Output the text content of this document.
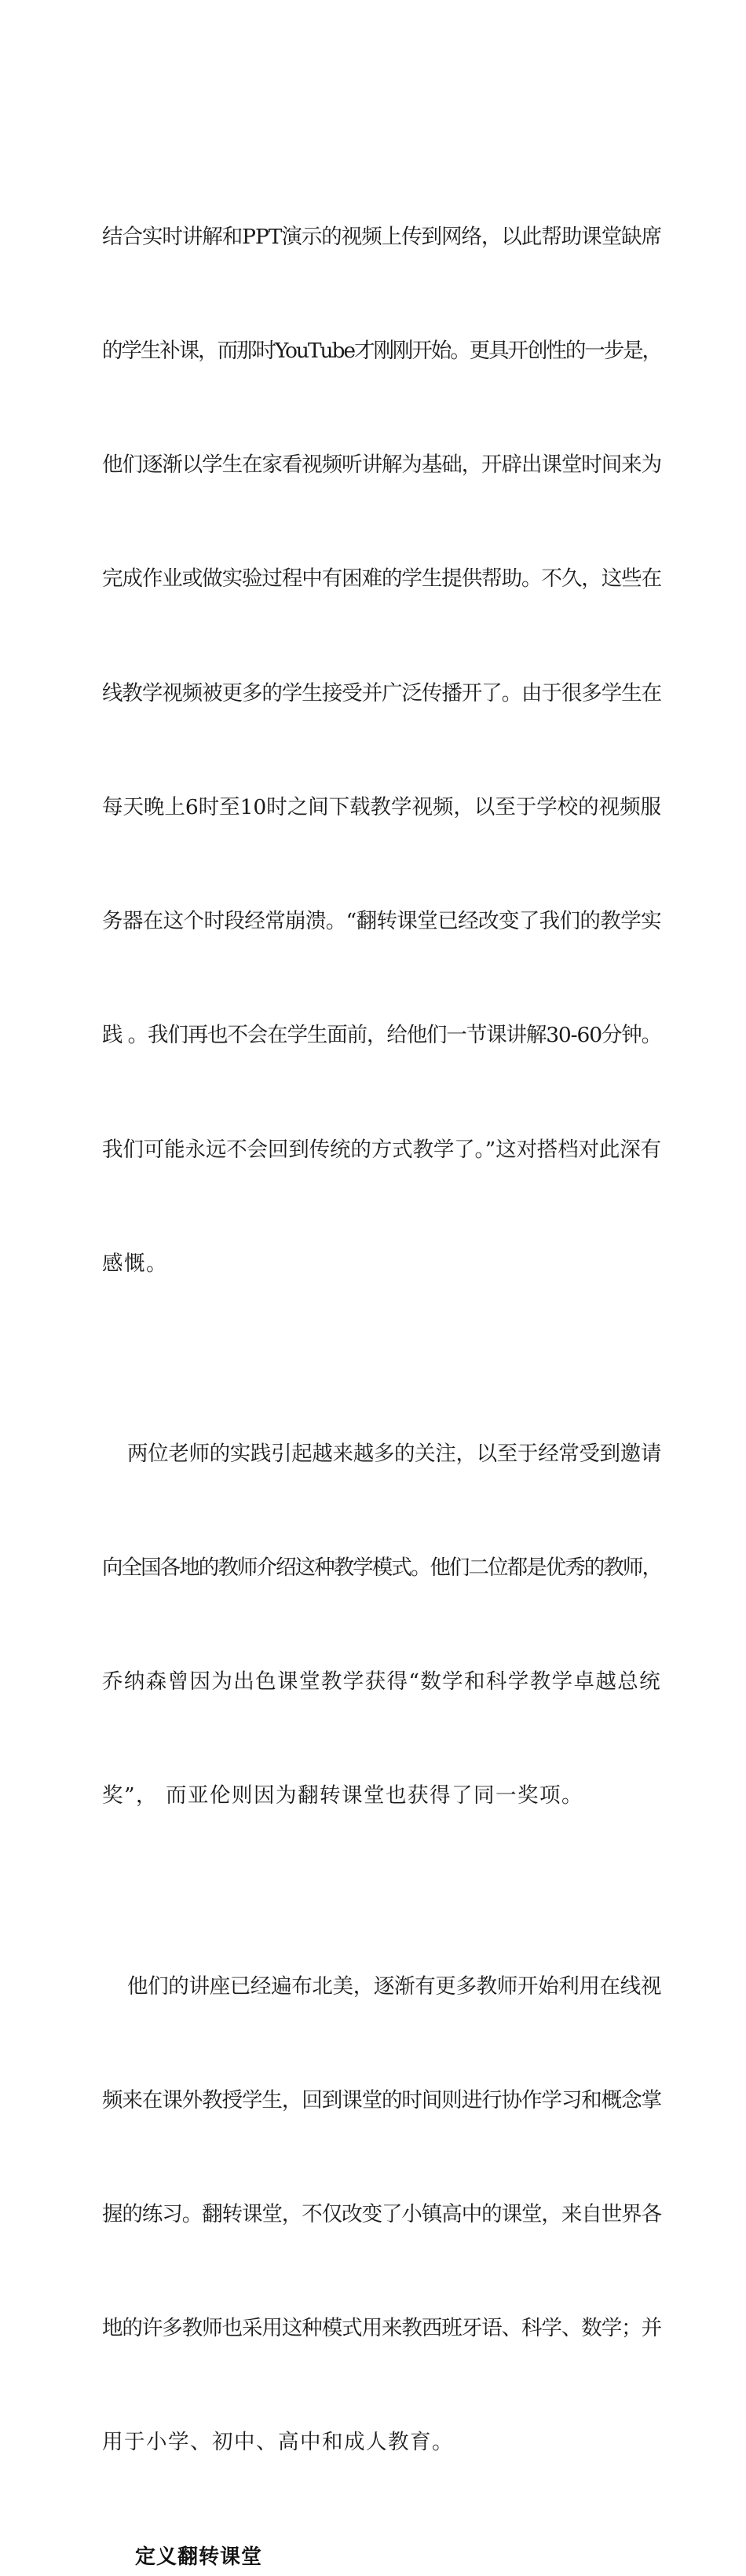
结合实时讲解和PPT演示的视频上传到网络，以此帮助课堂缺席

的学生补课，而那时YouTube才刚刚开始。更具开创性的一步是，

他们逐渐以学生在家看视频听讲解为基础，开辟出课堂时间来为

完成作业或做实验过程中有困难的学生提供帮助。不久，这些在

线教学视频被更多的学生接受并广泛传播开了。由于很多学生在

每天晚上6时至10时之间下载教学视频，以至于学校的视频服

务器在这个时段经常崩溃。“翻转课堂已经改变了我们的教学实

践 。我们再也不会在学生面前，给他们一节课讲解30-60分钟。

我们可能永远不会回到传统的方式教学了。”这对搭档对此深有

感慨。

两位老师的实践引起越来越多的关注，以至于经常受到邀请

向全国各地的教师介绍这种教学模式。他们二位都是优秀的教师，

乔纳森曾因为出色课堂教学获得“数学和科学教学卓越总统

奖”， 而亚伦则因为翻转课堂也获得了同一奖项。

他们的讲座已经遍布北美，逐渐有更多教师开始利用在线视

频来在课外教授学生，回到课堂的时间则进行协作学习和概念掌

握的练习。翻转课堂，不仅改变了小镇高中的课堂，来自世界各

地的许多教师也采用这种模式用来教西班牙语、科学、数学；并

用于小学、初中、高中和成人教育。

定义翻转课堂
